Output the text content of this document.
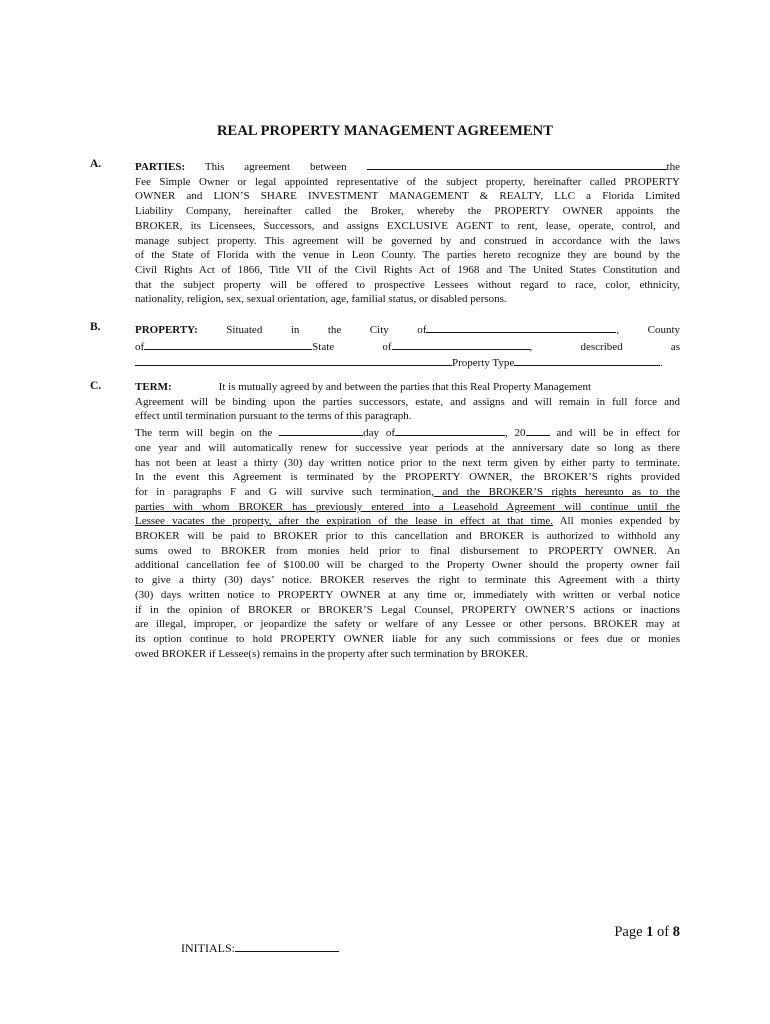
REAL PROPERTY MANAGEMENT AGREEMENT
A.	PARTIES: This agreement between	the
Fee Simple Owner or legal appointed representative of the subject property, hereinafter called PROPERTY
OWNER and LION’S SHARE INVESTMENT MANAGEMENT & REALTY, LLC a Florida Limited
Liability Company, hereinafter called the Broker, whereby the PROPERTY OWNER appoints the
BROKER, its Licensees, Successors, and assigns EXCLUSIVE AGENT to rent, lease, operate, control, and
manage subject property. This agreement will be governed by and construed in accordance with the laws
of the State of Florida with the venue in Leon County. The parties hereto recognize they are bound by the
Civil Rights Act of 1866, Title VII of the Civil Rights Act of 1968 and The United States Constitution and
that the subject property will be offered to prospective Lessees without regard to race, color, ethnicity,
nationality, religion, sex, sexual orientation, age, familial status, or disabled persons.
B.	PROPERTY:	Situated	in	the	City	of	,	County
of	State	of	,	described	as
Property Type	.
C.	TERM:	It is mutually agreed by and between the parties that this Real Property Management
Agreement will be binding upon the parties successors, estate, and assigns and will remain in full force and
effect until termination pursuant to the terms of this paragraph.
The term will begin on the	day of	, 20	and will be in effect for
one year and will automatically renew for successive year periods at the anniversary date so long as there
has not been at least a thirty (30) day written notice prior to the next term given by either party to terminate.
In the event this Agreement is terminated by the PROPERTY OWNER, the BROKER’S rights provided
for in paragraphs F and G will survive such termination, and the BROKER’S rights hereunto as to the
parties with whom BROKER has previously entered into a Leasehold Agreement will continue until the
Lessee vacates the property, after the expiration of the lease in effect at that time. All monies expended by
BROKER will be paid to BROKER prior to this cancellation and BROKER is authorized to withhold any
sums owed to BROKER from monies held prior to final disbursement to PROPERTY OWNER. An
additional cancellation fee of $100.00 will be charged to the Property Owner should the property owner fail
to give a thirty (30) days’ notice. BROKER reserves the right to terminate this Agreement with a thirty
(30) days written notice to PROPERTY OWNER at any time or, immediately with written or verbal notice
if in the opinion of BROKER or BROKER’S Legal Counsel, PROPERTY OWNER’S actions or inactions
are illegal, improper, or jeopardize the safety or welfare of any Lessee or other persons. BROKER may at
its option continue to hold PROPERTY OWNER liable for any such commissions or fees due or monies
owed BROKER if Lessee(s) remains in the property after such termination by BROKER.
Page 1 of 8
INITIALS:
